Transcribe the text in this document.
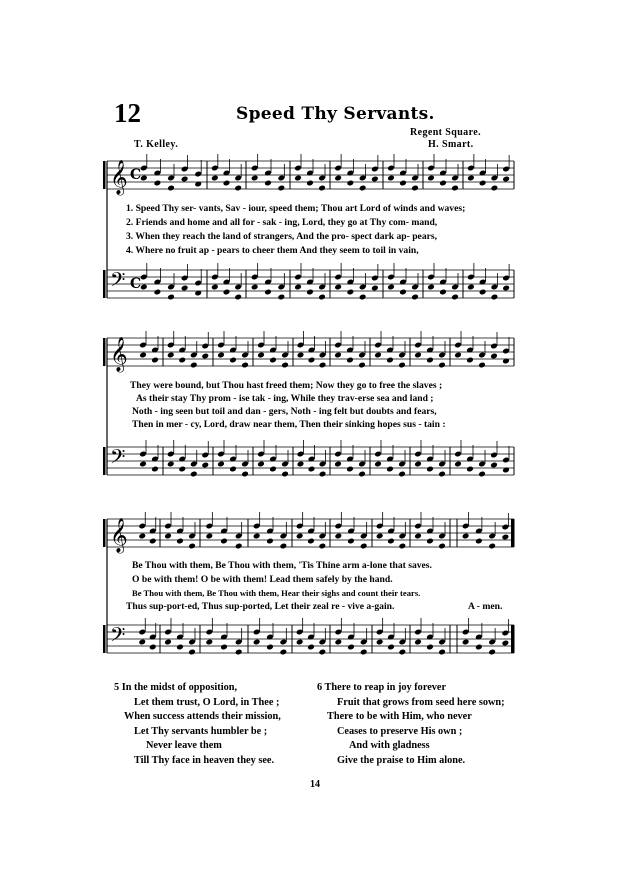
12	Speed Thy Servants.
T. Kelley.
Regent Square.
H. Smart.
𝄞
𝄢
C
C
𝄞
𝄢
𝄞
𝄢
1. Speed Thy ser- vants, Sav - iour, speed them; Thou art Lord of winds and waves;
2. Friends and home and all for - sak - ing, Lord, they go at Thy com- mand,
3. When they reach the land of strangers, And the pro- spect dark ap- pears,
4. Where no fruit ap - pears to cheer them And they seem to toil in vain,
They were bound, but Thou hast freed them; Now they go to free the slaves ;
As their stay Thy prom - ise tak - ing, While they trav-erse sea and land ;
Noth - ing seen but toil and dan - gers, Noth - ing felt but doubts and fears,
Then in mer - cy, Lord, draw near them, Then their sinking hopes sus - tain :
Be Thou with them, Be Thou with them, 'Tis Thine arm a-lone that saves.
O be with them! O be with them! Lead them safely by the hand.
Be Thou with them, Be Thou with them, Hear their sighs and count their tears.
Thus sup-port-ed, Thus sup-ported, Let their zeal re - vive a-gain.	A - men.
5 In the midst of opposition,
Let them trust, O Lord, in Thee ;
When success attends their mission,
Let Thy servants humbler be ;
Never leave them
Till Thy face in heaven they see.
6 There to reap in joy forever
Fruit that grows from seed here sown;
There to be with Him, who never
Ceases to preserve His own ;
And with gladness
Give the praise to Him alone.
14
